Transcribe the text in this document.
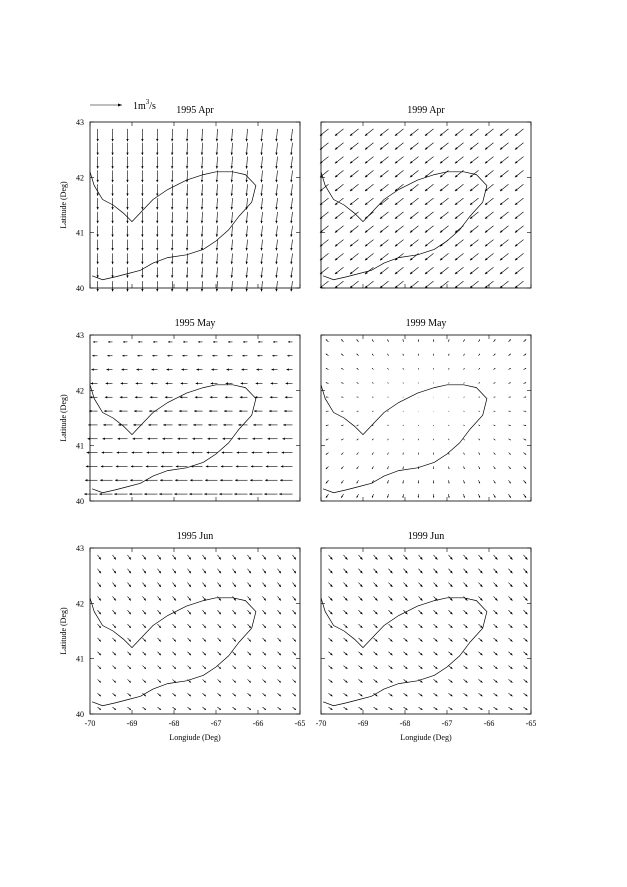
$1m^3/s$ 1995 Apr
40
41
42
43
1999 Apr
1995 May
40
41
42
43
1999 May
1995 Jun
40
41
42
43
-70	-69	-68	-67	-66	-65
1999 Jun
-70	-69	-68	-67	-66	-65
Latitude (Deg)
Latitude (Deg)
Latitude (Deg)
Longiude (Deg)	Longiude (Deg)
